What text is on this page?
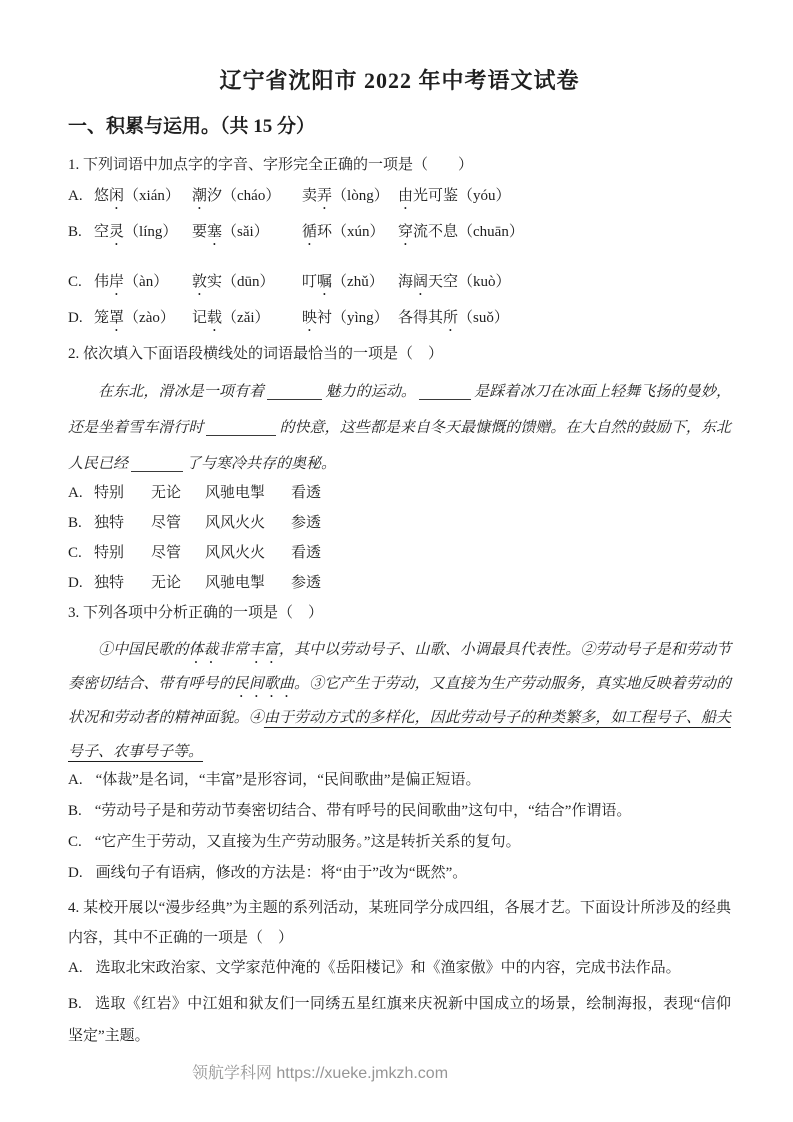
辽宁省沈阳市 2022 年中考语文试卷
一、积累与运用。（共 15 分）
1. 下列词语中加点字的字音、字形完全正确的一项是（　　）
A. 悠闲（xián） 潮汐（cháo）	卖弄（lòng） 由光可鉴（yóu）
B. 空灵（líng） 要塞（sǎi）	循环（xún） 穿流不息（chuān）
C. 伟岸（àn）	敦实（dūn）	叮嘱（zhǔ） 海阔天空（kuò）
D. 笼罩（zào）	记载（zǎi）	映衬（yìng） 各得其所（suǒ）
2. 依次填入下面语段横线处的词语最恰当的一项是（　）
在东北，滑冰是一项有着	魅力的运动。	是踩着冰刀在冰面上轻舞飞扬的曼妙，还是坐着雪车滑行时	的快意，这些都是来自冬天最慷慨的馈赠。在大自然的鼓励下，东北人民已经	了与寒冷共存的奥秘。
A. 特别	无论	风驰电掣	看透
B. 独特	尽管	风风火火	参透
C. 特别	尽管	风风火火	看透
D. 独特	无论	风驰电掣	参透
3. 下列各项中分析正确的一项是（　）
①中国民歌的体裁非常丰富，其中以劳动号子、山歌、小调最具代表性。②劳动号子是和劳动节奏密切结合、带有呼号的民间歌曲。③它产生于劳动，又直接为生产劳动服务，真实地反映着劳动的状况和劳动者的精神面貌。④由于劳动方式的多样化，因此劳动号子的种类繁多，如工程号子、船夫号子、农事号子等。
A. “体裁”是名词，“丰富”是形容词，“民间歌曲”是偏正短语。
B. “劳动号子是和劳动节奏密切结合、带有呼号的民间歌曲”这句中，“结合”作谓语。
C. “它产生于劳动，又直接为生产劳动服务。”这是转折关系的复句。
D. 画线句子有语病，修改的方法是：将“由于”改为“既然”。
4. 某校开展以“漫步经典”为主题的系列活动，某班同学分成四组，各展才艺。下面设计所涉及的经典内容，其中不正确的一项是（　）
A. 选取北宋政治家、文学家范仲淹的《岳阳楼记》和《渔家傲》中的内容，完成书法作品。
B. 选取《红岩》中江姐和狱友们一同绣五星红旗来庆祝新中国成立的场景，绘制海报，表现“信仰坚定”主题。
领航学科网 https://xueke.jmkzh.com
